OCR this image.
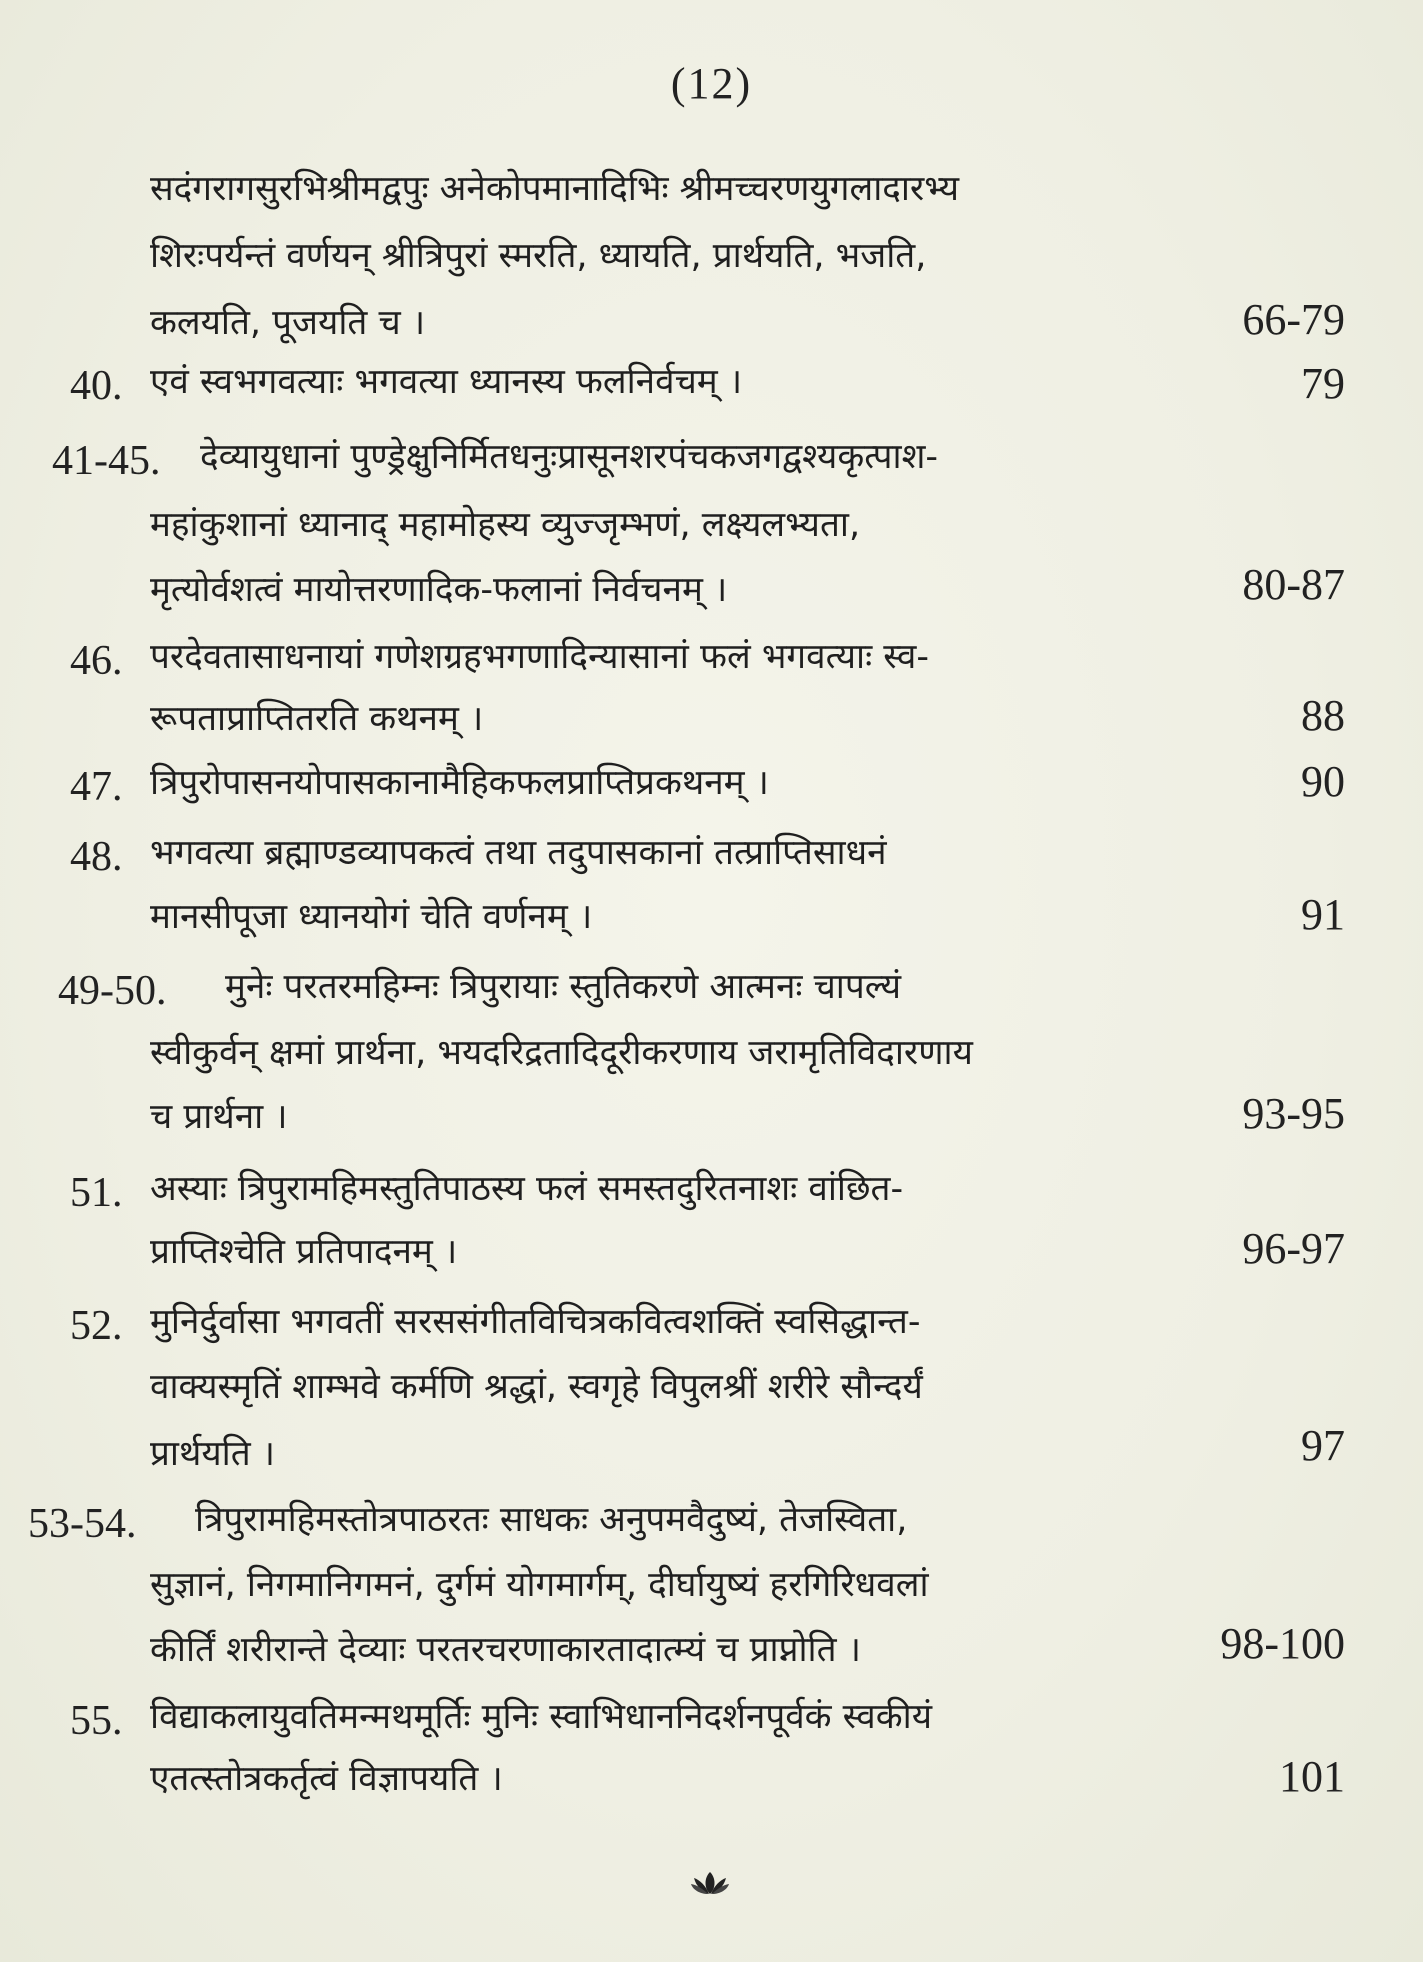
(12)
सदंगरागसुरभिश्रीमद्वपुः अनेकोपमानादिभिः श्रीमच्चरणयुगलादारभ्य
शिरःपर्यन्तं वर्णयन् श्रीत्रिपुरां स्मरति, ध्यायति, प्रार्थयति, भजति,
कलयति, पूजयति च ।	66-79
40. एवं स्वभगवत्याः भगवत्या ध्यानस्य फलनिर्वचम् ।	79
41-45. देव्यायुधानां पुण्ड्रेक्षुनिर्मितधनुःप्रासूनशरपंचकजगद्वश्यकृत्पाश-
महांकुशानां ध्यानाद् महामोहस्य व्युज्जृम्भणं, लक्ष्यलभ्यता,
मृत्योर्वशत्वं मायोत्तरणादिक-फलानां निर्वचनम् ।	80-87
46. परदेवतासाधनायां गणेशग्रहभगणादिन्यासानां फलं भगवत्याः स्व-
रूपताप्राप्तितरति कथनम् ।	88
47. त्रिपुरोपासनयोपासकानामैहिकफलप्राप्तिप्रकथनम् ।	90
48. भगवत्या ब्रह्माण्डव्यापकत्वं तथा तदुपासकानां तत्प्राप्तिसाधनं
मानसीपूजा ध्यानयोगं चेति वर्णनम् ।	91
49-50. मुनेः परतरमहिम्नः त्रिपुरायाः स्तुतिकरणे आत्मनः चापल्यं
स्वीकुर्वन् क्षमां प्रार्थना, भयदरिद्रतादिदूरीकरणाय जरामृतिविदारणाय
च प्रार्थना ।	93-95
51. अस्याः त्रिपुरामहिमस्तुतिपाठस्य फलं समस्तदुरितनाशः वांछित-
प्राप्तिश्चेति प्रतिपादनम् ।	96-97
52. मुनिर्दुर्वासा भगवतीं सरससंगीतविचित्रकवित्वशक्तिं स्वसिद्धान्त-
वाक्यस्मृतिं शाम्भवे कर्मणि श्रद्धां, स्वगृहे विपुलश्रीं शरीरे सौन्दर्यं
प्रार्थयति ।	97
53-54. त्रिपुरामहिमस्तोत्रपाठरतः साधकः अनुपमवैदुष्यं, तेजस्विता,
सुज्ञानं, निगमानिगमनं, दुर्गमं योगमार्गम्, दीर्घायुष्यं हरगिरिधवलां
कीर्तिं शरीरान्ते देव्याः परतरचरणाकारतादात्म्यं च प्राप्नोति ।	98-100
55. विद्याकलायुवतिमन्मथमूर्तिः मुनिः स्वाभिधाननिदर्शनपूर्वकं स्वकीयं
एतत्स्तोत्रकर्तृत्वं विज्ञापयति ।	101
